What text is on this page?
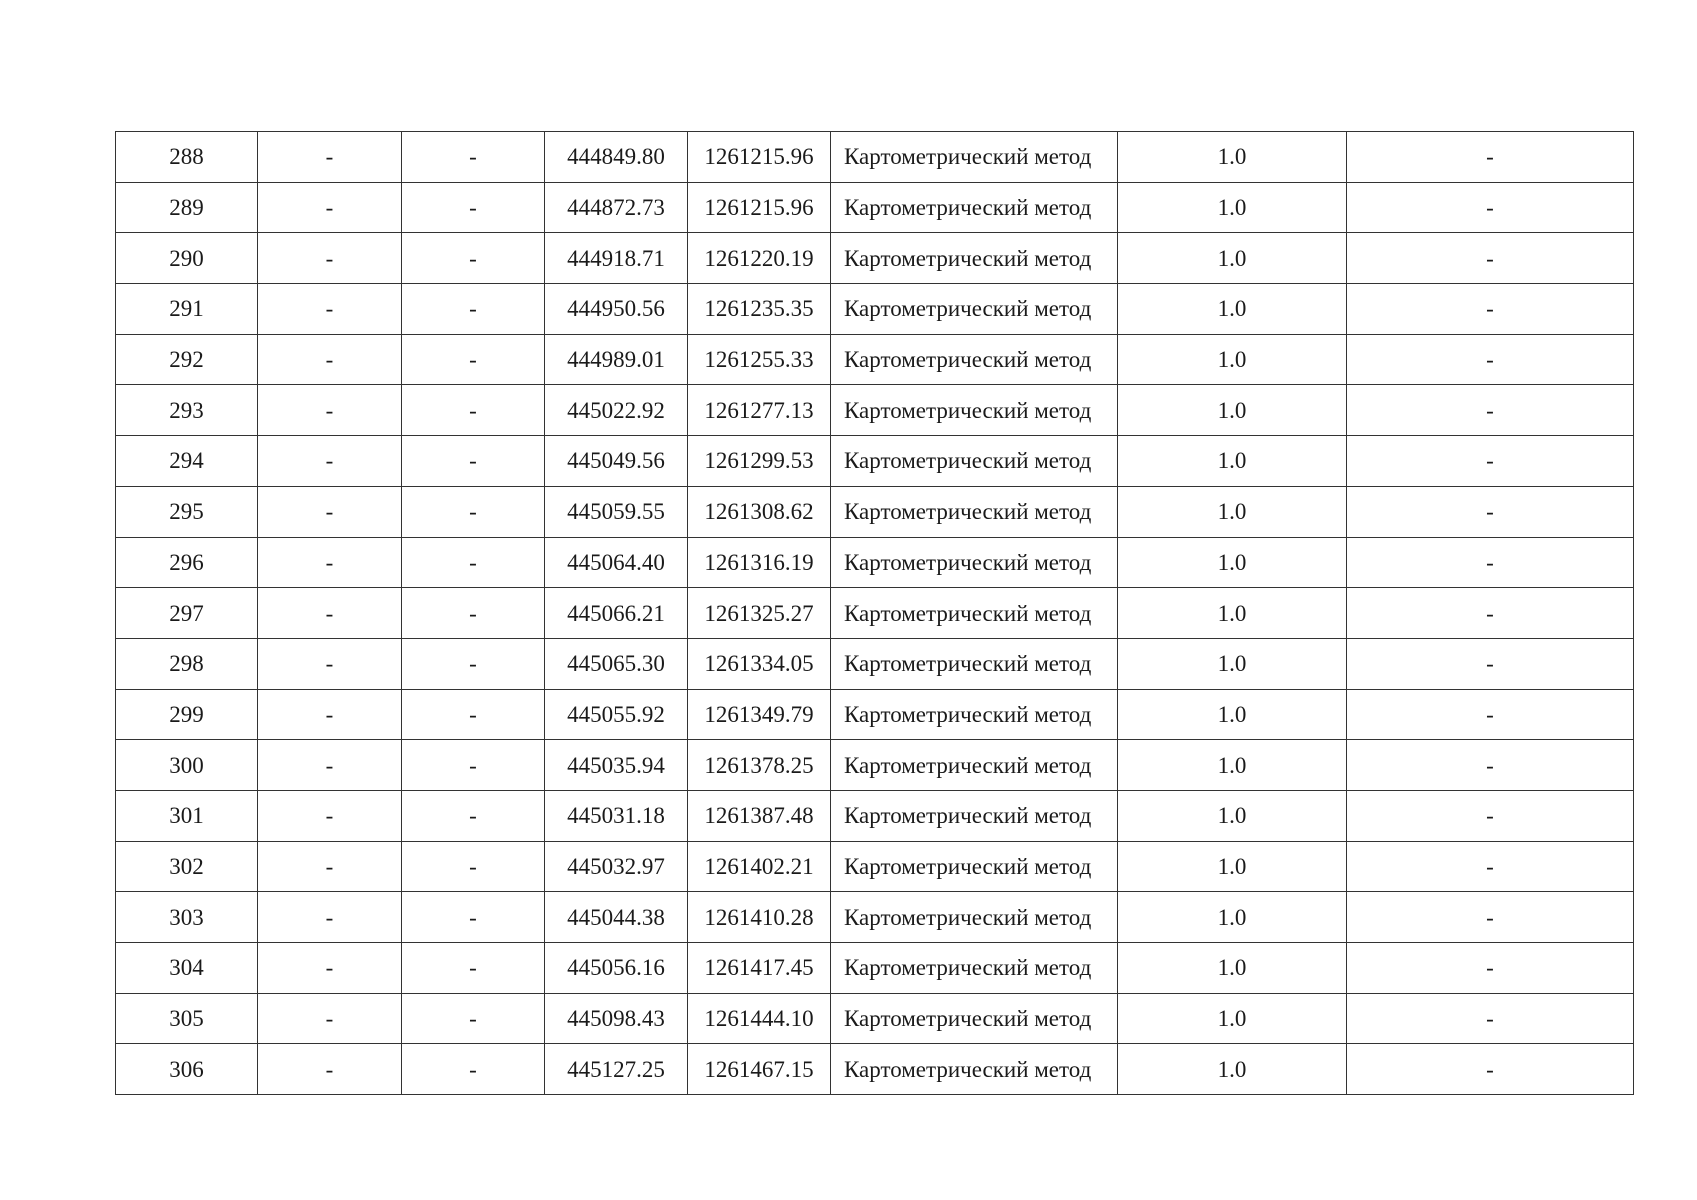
288	-	-	444849.80	1261215.96	Картометрический метод	1.0	-
289	-	-	444872.73	1261215.96	Картометрический метод	1.0	-
290	-	-	444918.71	1261220.19	Картометрический метод	1.0	-
291	-	-	444950.56	1261235.35	Картометрический метод	1.0	-
292	-	-	444989.01	1261255.33	Картометрический метод	1.0	-
293	-	-	445022.92	1261277.13	Картометрический метод	1.0	-
294	-	-	445049.56	1261299.53	Картометрический метод	1.0	-
295	-	-	445059.55	1261308.62	Картометрический метод	1.0	-
296	-	-	445064.40	1261316.19	Картометрический метод	1.0	-
297	-	-	445066.21	1261325.27	Картометрический метод	1.0	-
298	-	-	445065.30	1261334.05	Картометрический метод	1.0	-
299	-	-	445055.92	1261349.79	Картометрический метод	1.0	-
300	-	-	445035.94	1261378.25	Картометрический метод	1.0	-
301	-	-	445031.18	1261387.48	Картометрический метод	1.0	-
302	-	-	445032.97	1261402.21	Картометрический метод	1.0	-
303	-	-	445044.38	1261410.28	Картометрический метод	1.0	-
304	-	-	445056.16	1261417.45	Картометрический метод	1.0	-
305	-	-	445098.43	1261444.10	Картометрический метод	1.0	-
306	-	-	445127.25	1261467.15	Картометрический метод	1.0	-
